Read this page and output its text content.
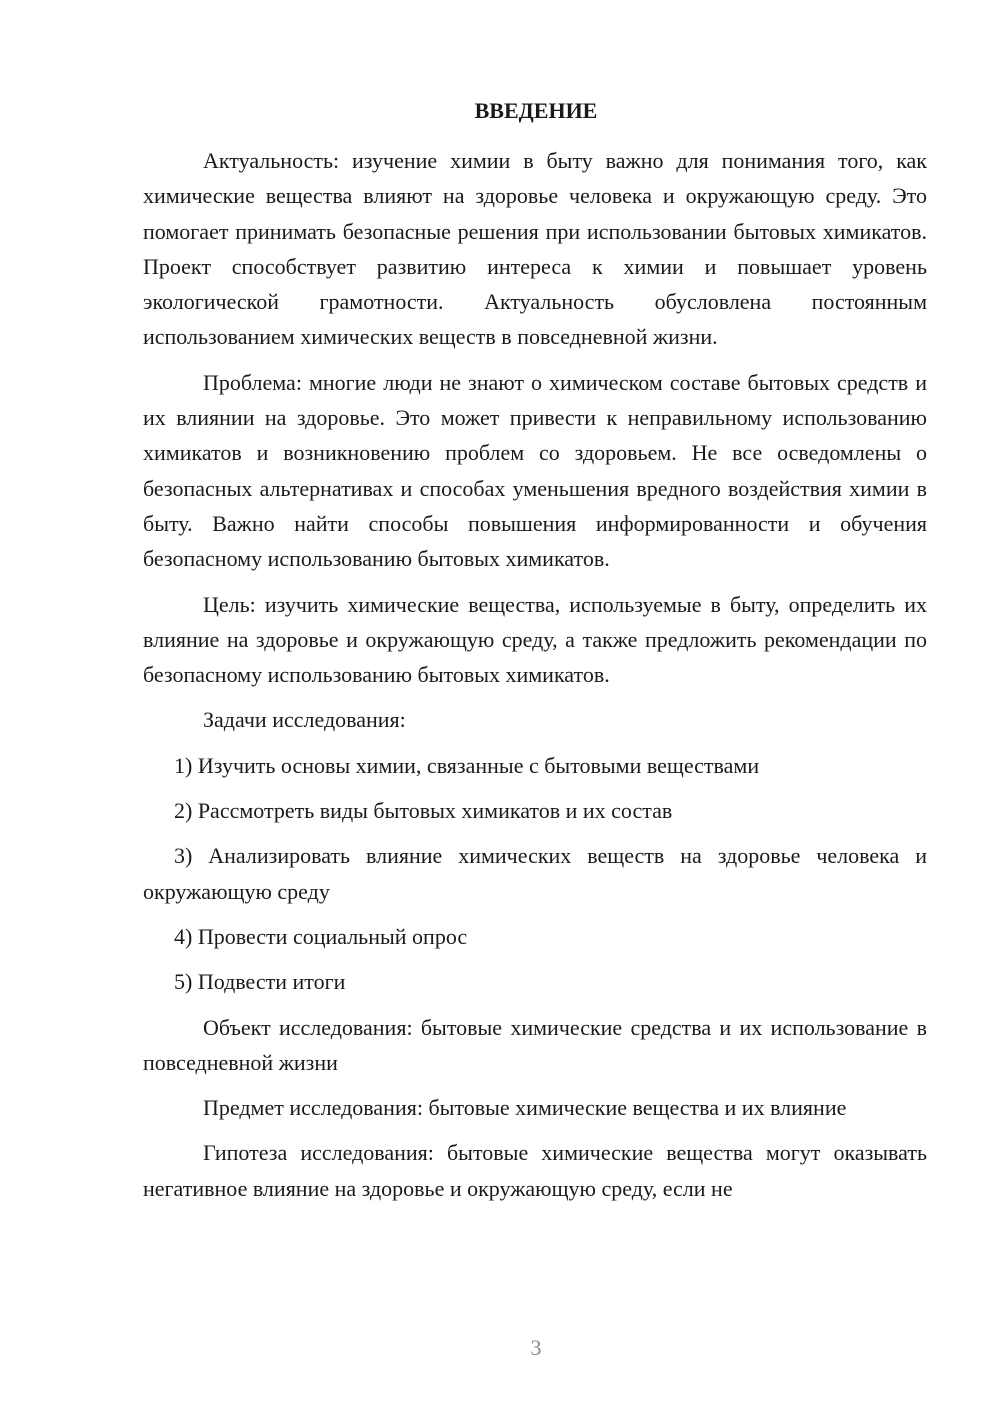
ВВЕДЕНИЕ

Актуальность: изучение химии в быту важно для понимания того, как химические вещества влияют на здоровье человека и окружающую среду. Это помогает принимать безопасные решения при использовании бытовых химикатов. Проект способствует развитию интереса к химии и повышает уровень экологической грамотности. Актуальность обусловлена постоянным использованием химических веществ в повседневной жизни.

Проблема: многие люди не знают о химическом составе бытовых средств и их влиянии на здоровье. Это может привести к неправильному использованию химикатов и возникновению проблем со здоровьем. Не все осведомлены о безопасных альтернативах и способах уменьшения вредного воздействия химии в быту. Важно найти способы повышения информированности и обучения безопасному использованию бытовых химикатов.

Цель: изучить химические вещества, используемые в быту, определить их влияние на здоровье и окружающую среду, а также предложить рекомендации по безопасному использованию бытовых химикатов.

Задачи исследования:

1) Изучить основы химии, связанные с бытовыми веществами

2) Рассмотреть виды бытовых химикатов и их состав

3) Анализировать влияние химических веществ на здоровье человека и окружающую среду

4) Провести социальный опрос

5) Подвести итоги

Объект исследования: бытовые химические средства и их использование в повседневной жизни

Предмет исследования: бытовые химические вещества и их влияние

Гипотеза исследования: бытовые химические вещества могут оказывать негативное влияние на здоровье и окружающую среду, если не

3
